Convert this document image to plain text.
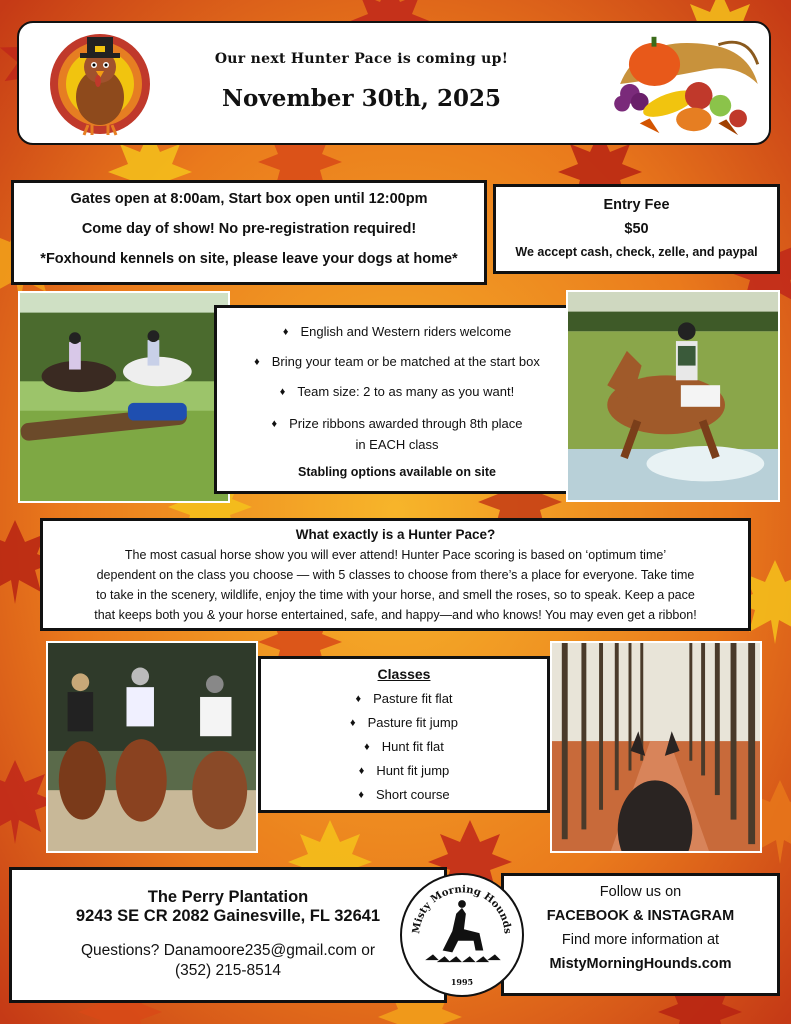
Our next Hunter Pace is coming up!
November 30th, 2025
Gates open at 8:00am, Start box open until 12:00pm
Come day of show! No pre-registration required!
*Foxhound kennels on site, please leave your dogs at home*
Entry Fee
$50
We accept cash, check, zelle, and paypal
♦ English and Western riders welcome
♦ Bring your team or be matched at the start box
♦ Team size: 2 to as many as you want!
♦ Prize ribbons awarded through 8th place
in EACH class
Stabling options available on site
What exactly is a Hunter Pace?
The most casual horse show you will ever attend! Hunter Pace scoring is based on ‘optimum time’
dependent on the class you choose — with 5 classes to choose from there’s a place for everyone. Take time
to take in the scenery, wildlife, enjoy the time with your horse, and smell the roses, so to speak. Keep a pace
that keeps both you & your horse entertained, safe, and happy—and who knows! You may even get a ribbon!
Classes
♦ Pasture fit flat
♦ Pasture fit jump
♦ Hunt fit flat
♦ Hunt fit jump
♦ Short course
The Perry Plantation
9243 SE CR 2082 Gainesville, FL 32641
Questions? Danamoore235@gmail.com or
(352) 215-8514
Misty Morning Hounds
1995
Follow us on
FACEBOOK & INSTAGRAM
Find more information at
MistyMorningHounds.com
